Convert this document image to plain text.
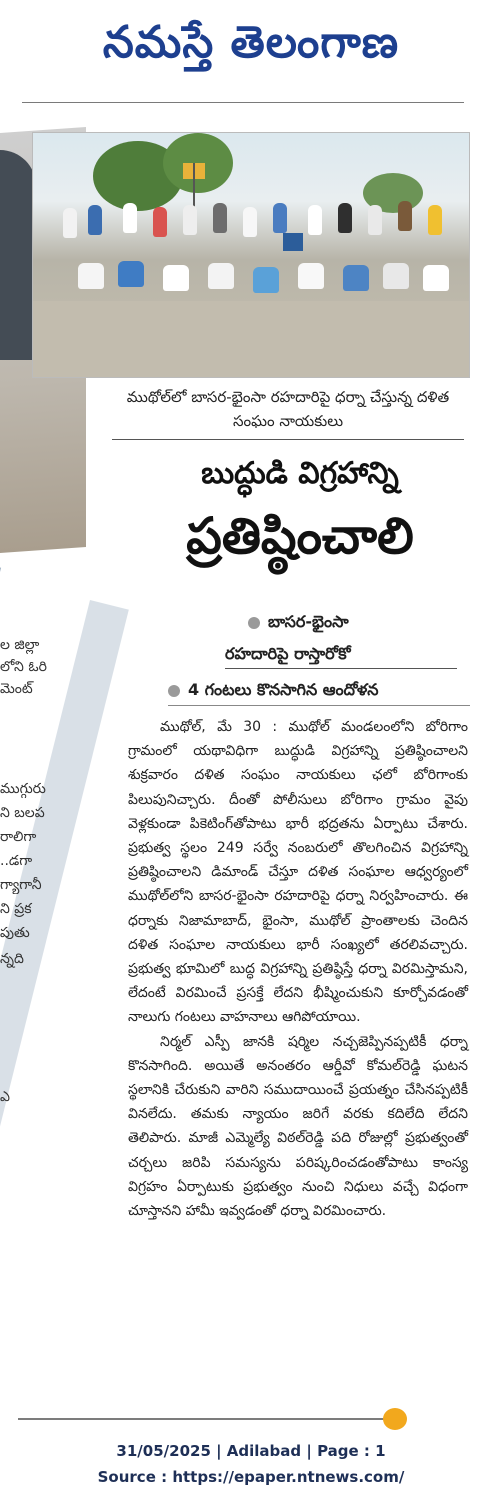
నమస్తే తెలంగాణ
ల జిల్లా
లోని ఓరి
మెంట్
ముగ్గురు
ని బలప
రాలిగా
డగా..
గ్యాగానీ
ని ప్రక
పుతు
న్నది
ఎ
ముథోల్‌లో బాసర-భైంసా రహదారిపై ధర్నా చేస్తున్న దళిత సంఘం నాయకులు
బుద్ధుడి విగ్రహాన్ని
ప్రతిష్ఠించాలి
బాసర-భైంసా
రహదారిపై రాస్తారోకో
4 గంటలు కొనసాగిన ఆందోళన

ముథోల్, మే 30 : ముథోల్ మండలంలోని బోరిగాం గ్రామంలో యథావిధిగా బుద్ధుడి విగ్రహాన్ని ప్రతిష్ఠించాలని శుక్రవారం దళిత సంఘం నాయకులు ఛలో బోరిగాంకు పిలుపునిచ్చారు. దీంతో పోలీసులు బోరిగాం గ్రామం వైపు వెళ్లకుండా పికెటింగ్‌తోపాటు భారీ భద్రతను ఏర్పాటు చేశారు. ప్రభుత్వ స్థలం 249 సర్వే నంబరులో తొలగించిన విగ్రహాన్ని ప్రతిష్ఠించాలని డిమాండ్ చేస్తూ దళిత సంఘాల ఆధ్వర్యంలో ముథోల్‌లోని బాసర-భైంసా రహదారిపై ధర్నా నిర్వహించారు. ఈ ధర్నాకు నిజామాబాద్, భైంసా, ముథోల్ ప్రాంతాలకు చెందిన దళిత సంఘాల నాయకులు భారీ సంఖ్యలో తరలివచ్చారు. ప్రభుత్వ భూమిలో బుద్ధ విగ్రహాన్ని ప్రతిష్ఠిస్తే ధర్నా విరమిస్తామని, లేదంటే విరమించే ప్రసక్తే లేదని భీష్మించుకుని కూర్చోవడంతో నాలుగు గంటలు వాహనాలు ఆగిపోయాయి.

నిర్మల్ ఎస్పీ జానకి షర్మిల నచ్చజెప్పినప్పటికీ ధర్నా కొనసాగింది. అయితే అనంతరం ఆర్డీవో కోమల్‌రెడ్డి ఘటన స్థలానికి చేరుకుని వారిని సముదాయించే ప్రయత్నం చేసినప్పటికీ వినలేదు. తమకు న్యాయం జరిగే వరకు కదిలేది లేదని తెలిపారు. మాజీ ఎమ్మెల్యే విఠల్‌రెడ్డి పది రోజుల్లో ప్రభుత్వంతో చర్చలు జరిపి సమస్యను పరిష్కరించడంతోపాటు కాంస్య విగ్రహం ఏర్పాటుకు ప్రభుత్వం నుంచి నిధులు వచ్చే విధంగా చూస్తానని హామీ ఇవ్వడంతో ధర్నా విరమించారు.

31/05/2025 | Adilabad | Page : 1
Source : https://epaper.ntnews.com/
